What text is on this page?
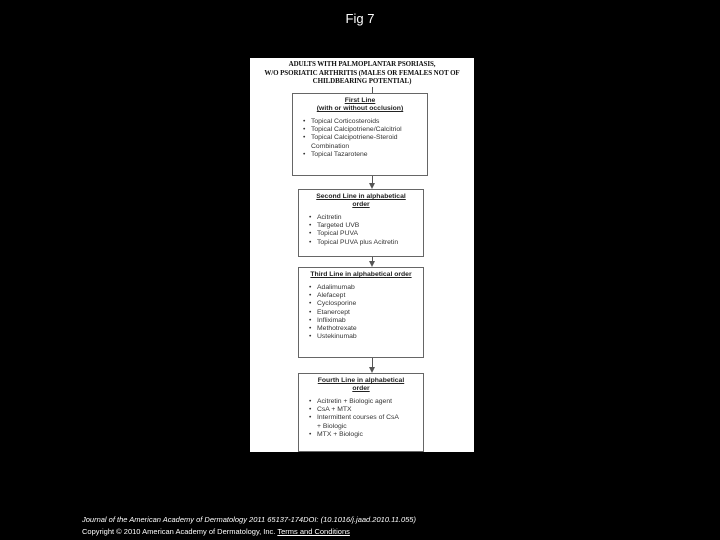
Fig 7
ADULTS WITH PALMOPLANTAR PSORIASIS,
W/O PSORIATIC ARTHRITIS (MALES OR FEMALES NOT OF
CHILDBEARING POTENTIAL)
First Line
(with or without occlusion)
• Topical Corticosteroids
• Topical Calcipotriene/Calcitriol
• Topical Calcipotriene-Steroid
Combination
• Topical Tazarotene
Second Line in alphabetical
order
• Acitretin
• Targeted UVB
• Topical PUVA
• Topical PUVA plus Acitretin
Third Line in alphabetical order
• Adalimumab
• Alefacept
• Cyclosporine
• Etanercept
• Infliximab
• Methotrexate
• Ustekinumab
Fourth Line in alphabetical
order
• Acitretin + Biologic agent
• CsA + MTX
• Intermittent courses of CsA
+ Biologic
• MTX + Biologic
Journal of the American Academy of Dermatology 2011 65137-174DOI: (10.1016/j.jaad.2010.11.055)
Copyright © 2010 American Academy of Dermatology, Inc. Terms and Conditions
